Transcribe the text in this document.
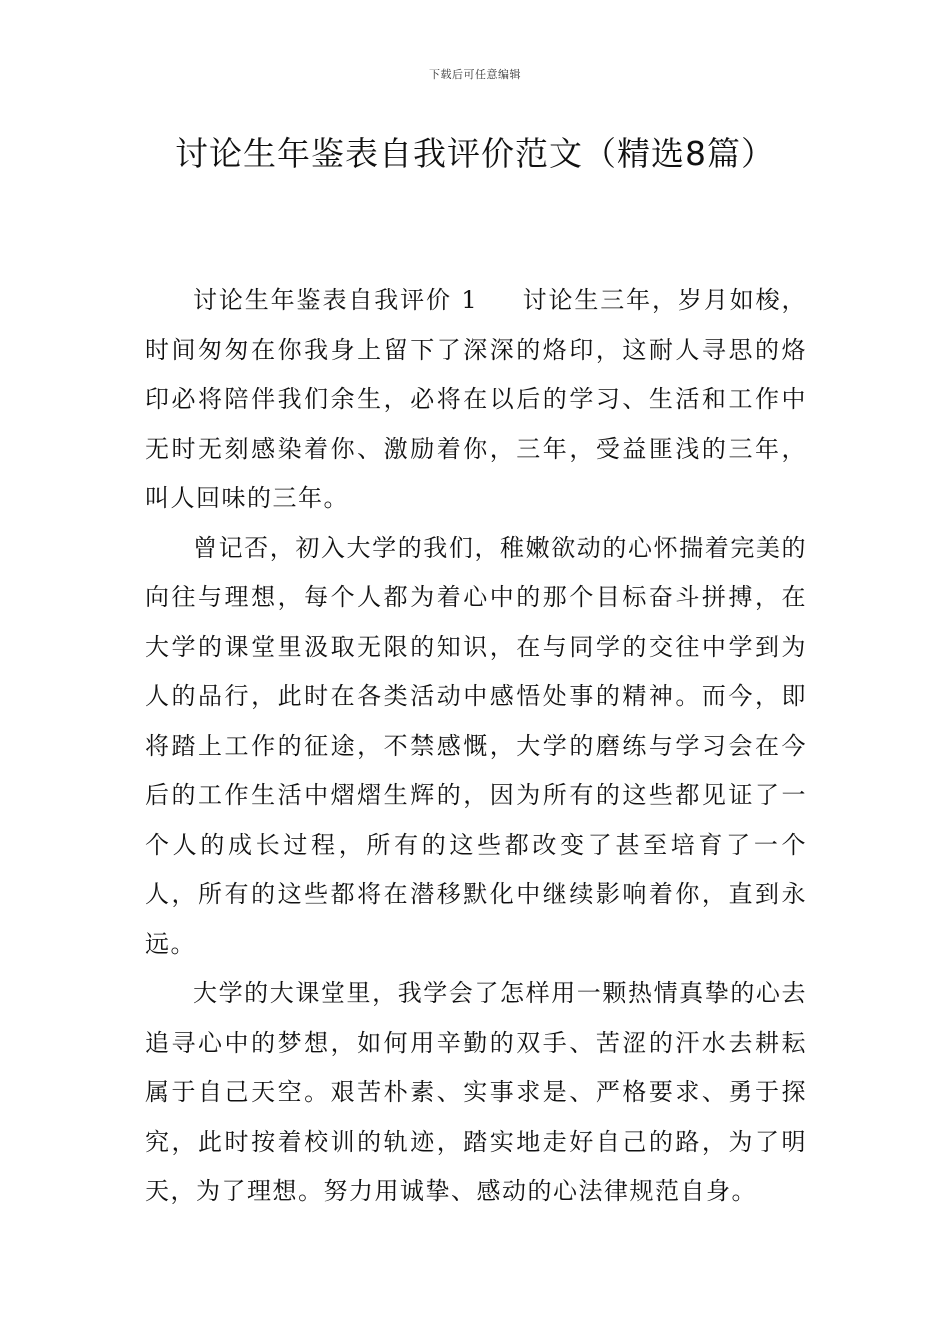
下载后可任意编辑
讨论生年鉴表自我评价范文（精选8篇）

讨论生年鉴表自我评价 1 讨论生三年，岁月如梭，时间匆匆在你我身上留下了深深的烙印，这耐人寻思的烙印必将陪伴我们余生，必将在以后的学习、生活和工作中无时无刻感染着你、激励着你，三年，受益匪浅的三年，叫人回味的三年。

曾记否，初入大学的我们，稚嫩欲动的心怀揣着完美的向往与理想，每个人都为着心中的那个目标奋斗拼搏，在大学的课堂里汲取无限的知识，在与同学的交往中学到为人的品行，此时在各类活动中感悟处事的精神。而今，即将踏上工作的征途，不禁感慨，大学的磨练与学习会在今后的工作生活中熠熠生辉的，因为所有的这些都见证了一个人的成长过程，所有的这些都改变了甚至培育了一个人，所有的这些都将在潜移默化中继续影响着你，直到永远。

大学的大课堂里，我学会了怎样用一颗热情真挚的心去追寻心中的梦想，如何用辛勤的双手、苦涩的汗水去耕耘属于自己天空。艰苦朴素、实事求是、严格要求、勇于探究，此时按着校训的轨迹，踏实地走好自己的路，为了明天，为了理想。努力用诚挚、感动的心法律规范自身。
